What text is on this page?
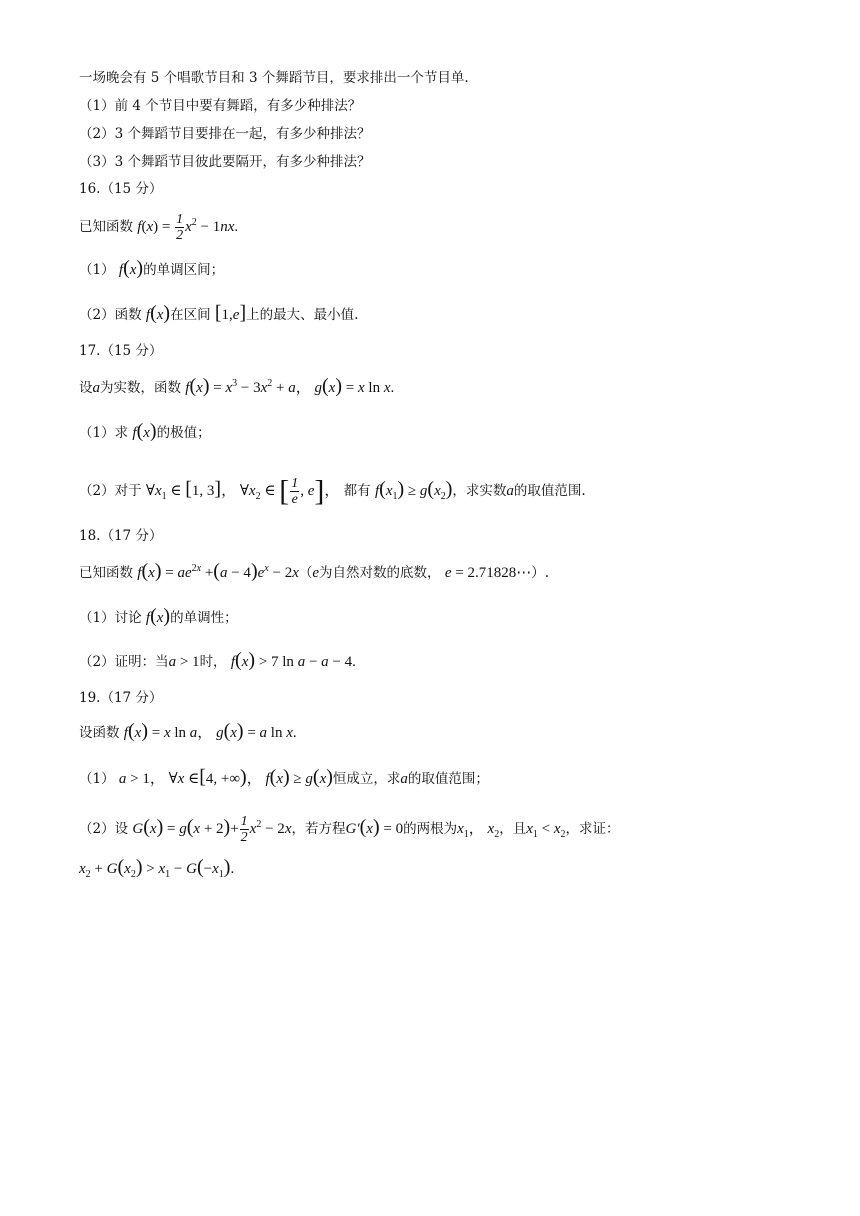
一场晚会有 5 个唱歌节目和 3 个舞蹈节目，要求排出一个节目单.
（1）前 4 个节目中要有舞蹈，有多少种排法？
（2）3 个舞蹈节目要排在一起，有多少种排法？
（3）3 个舞蹈节目彼此要隔开，有多少种排法？
16.（15 分）
已知函数 $f(x) = \frac{1}{2} x^2 - 1nx$.
（1） f(x)的单调区间；
（2）函数 f(x)在区间 [1,e]上的最大、最小值.
17.（15 分）
设a为实数，函数 $f(x) = x^3 - 3x^2 + a$， g(x) = x ln x.
（1）求 f(x)的极值；
（2）对于 $\forall x_1$ ∈ [1, 3]， $\forall x_2$ ∈ [ $\frac{1}{e}$ , e]， 都有 $f(x_1) \ge g(x_2)$，求实数a的取值范围.
18.（17 分）
已知函数 $f(x) = ae^{2x} +(a - 4)e^x - 2x(e$为自然对数的底数， e = 2.71828⋯）.
（1）讨论 f(x)的单调性；
（2）证明：当a > 1时， f(x) > 7 ln a − a − 4.
19.（17 分）
设函数 f(x) = x ln a， g(x) = a ln x.
（1） a > 1， ∀x ∈[4, +∞)， f(x) ≥ g(x)恒成立，求a的取值范围；
（2）设 $G(x) = g(x + 2)+ \frac{1}{2} x^2 - 2x$，若方程G′(x) = 0的两根为$x_1$， $x_2$，且$x_1 < x_2$，求证：
$x_2 + G(x_2) > x_1 - G(-x_1)$.
